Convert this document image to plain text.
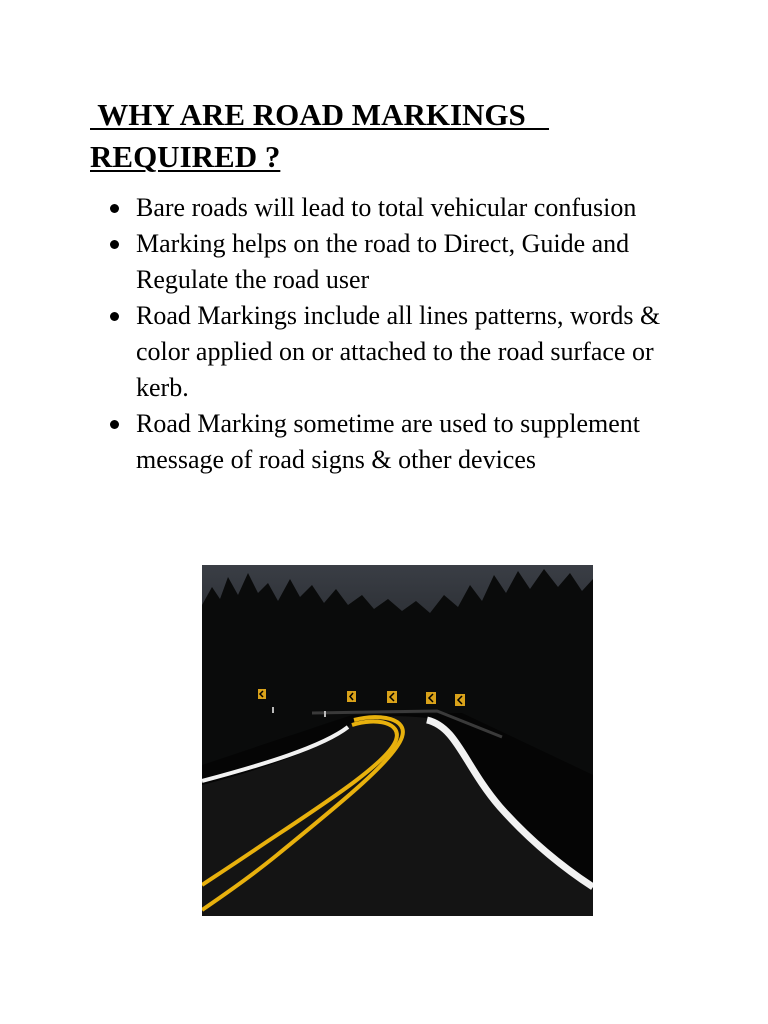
WHY ARE ROAD MARKINGS
REQUIRED ?
Bare roads will lead to total vehicular confusion
Marking helps on the road to Direct, Guide and Regulate the road user
Road Markings include all lines patterns, words & color applied on or attached to the road surface or kerb.
Road Marking sometime are used to supplement message of road signs & other devices
